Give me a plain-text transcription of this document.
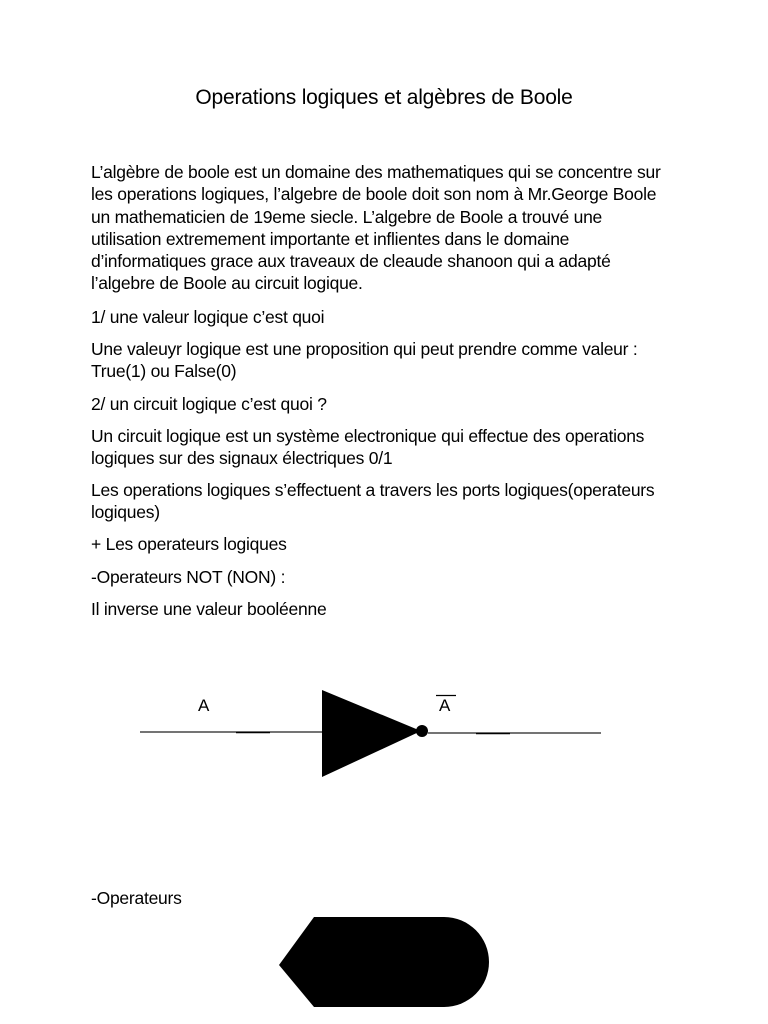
Operations logiques et algèbres de Boole

L’algèbre de boole est un domaine des mathematiques qui se concentre sur les operations logiques, l’algebre de boole doit son nom à Mr.George Boole un mathematicien de 19eme siecle. L’algebre de Boole a trouvé une utilisation extremement importante et inflientes dans le domaine d’informatiques grace aux traveaux de cleaude shanoon qui a adapté l’algebre de Boole au circuit logique.

1/ une valeur logique c’est quoi

Une valeuyr logique est une proposition qui peut prendre comme valeur : True(1) ou False(0)

2/ un circuit logique c’est quoi ?

Un circuit logique est un système electronique qui effectue des operations logiques sur des signaux électriques 0/1

Les operations logiques s’effectuent a travers les ports logiques(operateurs logiques)

+ Les operateurs logiques

-Operateurs NOT (NON) :

Il inverse une valeur booléenne

A	A

-Operateurs
